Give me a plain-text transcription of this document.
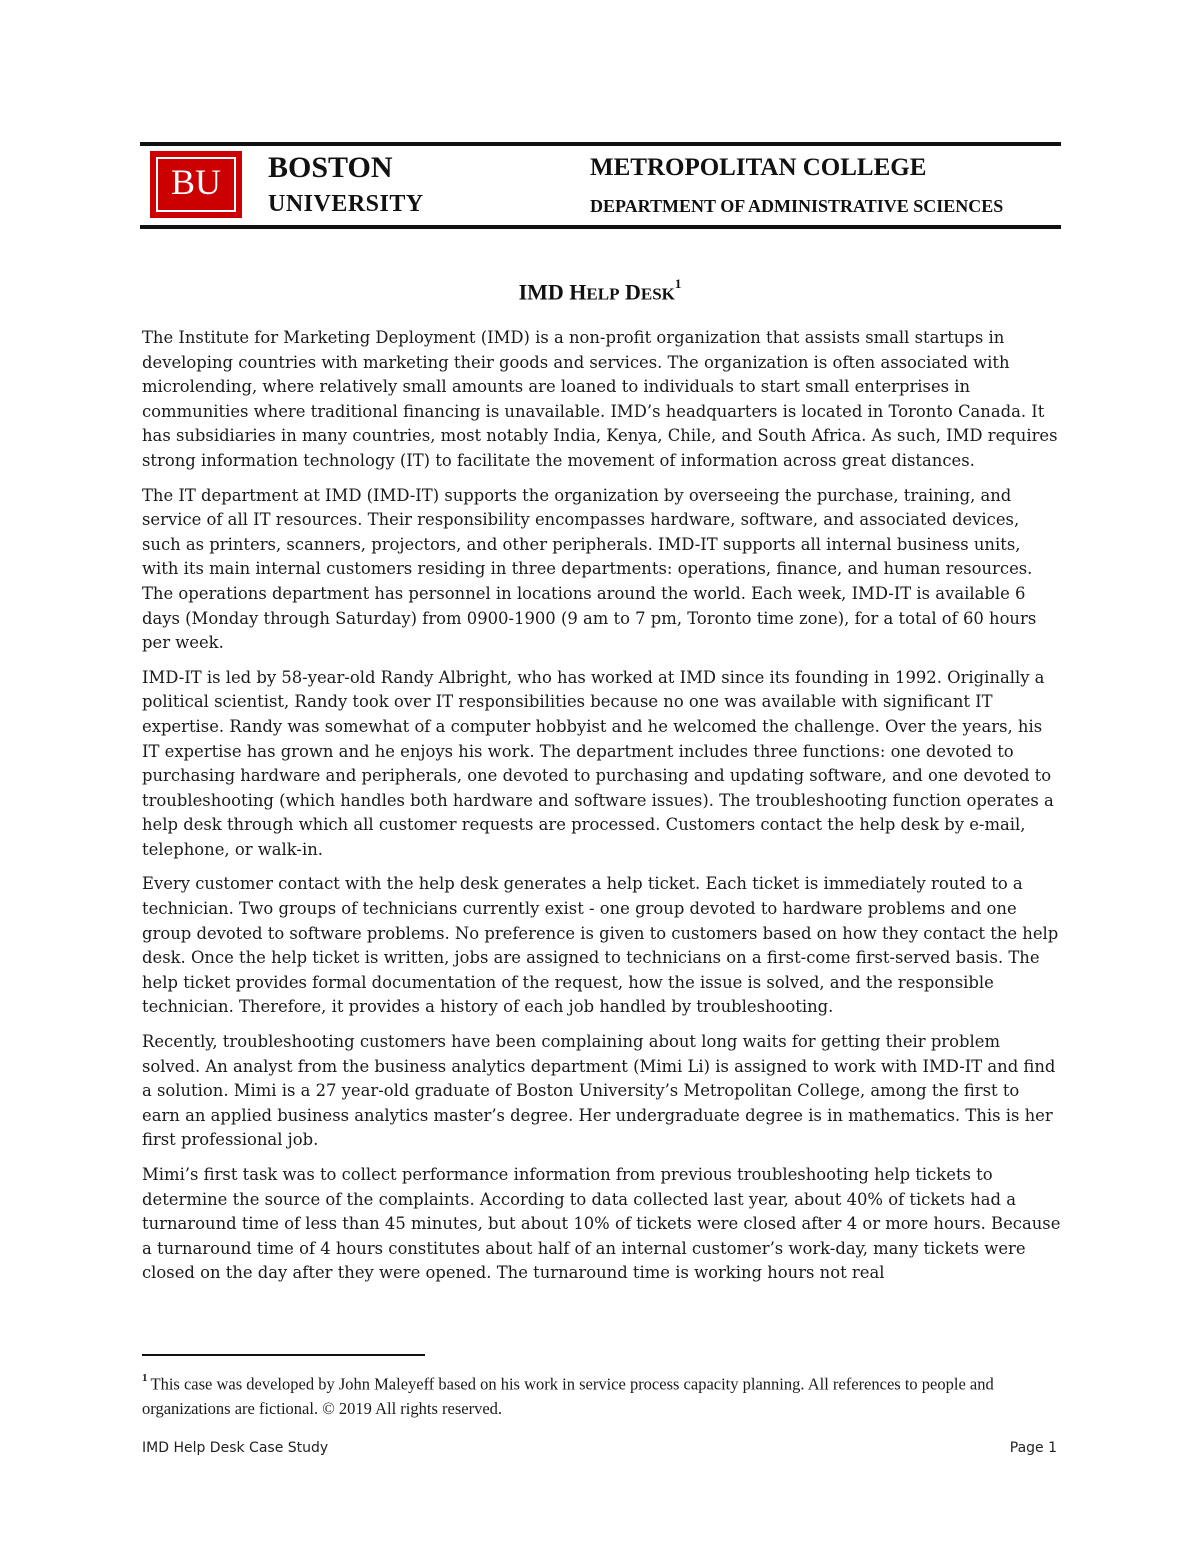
BU	BOSTON
UNIVERSITY
METROPOLITAN COLLEGE
DEPARTMENT OF ADMINISTRATIVE SCIENCES
IMD HELP DESK$^1$

The Institute for Marketing Deployment (IMD) is a non-profit organization that assists small startups in developing countries with marketing their goods and services. The organization is often associated with microlending, where relatively small amounts are loaned to individuals to start small enterprises in communities where traditional financing is unavailable. IMD’s headquarters is located in Toronto Canada. It has subsidiaries in many countries, most notably India, Kenya, Chile, and South Africa. As such, IMD requires strong information technology (IT) to facilitate the movement of information across great distances.

The IT department at IMD (IMD-IT) supports the organization by overseeing the purchase, training, and service of all IT resources. Their responsibility encompasses hardware, software, and associated devices, such as printers, scanners, projectors, and other peripherals. IMD-IT supports all internal business units, with its main internal customers residing in three departments: operations, finance, and human resources. The operations department has personnel in locations around the world. Each week, IMD-IT is available 6 days (Monday through Saturday) from 0900-1900 (9 am to 7 pm, Toronto time zone), for a total of 60 hours per week.

IMD-IT is led by 58-year-old Randy Albright, who has worked at IMD since its founding in 1992. Originally a political scientist, Randy took over IT responsibilities because no one was available with significant IT expertise. Randy was somewhat of a computer hobbyist and he welcomed the challenge. Over the years, his IT expertise has grown and he enjoys his work. The department includes three functions: one devoted to purchasing hardware and peripherals, one devoted to purchasing and updating software, and one devoted to troubleshooting (which handles both hardware and software issues). The troubleshooting function operates a help desk through which all customer requests are processed. Customers contact the help desk by e-mail, telephone, or walk-in.

Every customer contact with the help desk generates a help ticket. Each ticket is immediately routed to a technician. Two groups of technicians currently exist - one group devoted to hardware problems and one group devoted to software problems. No preference is given to customers based on how they contact the help desk. Once the help ticket is written, jobs are assigned to technicians on a first-come first-served basis. The help ticket provides formal documentation of the request, how the issue is solved, and the responsible technician. Therefore, it provides a history of each job handled by troubleshooting.

Recently, troubleshooting customers have been complaining about long waits for getting their problem solved. An analyst from the business analytics department (Mimi Li) is assigned to work with IMD-IT and find a solution. Mimi is a 27 year-old graduate of Boston University’s Metropolitan College, among the first to earn an applied business analytics master’s degree. Her undergraduate degree is in mathematics. This is her first professional job.

Mimi’s first task was to collect performance information from previous troubleshooting help tickets to determine the source of the complaints. According to data collected last year, about 40% of tickets had a turnaround time of less than 45 minutes, but about 10% of tickets were closed after 4 or more hours. Because a turnaround time of 4 hours constitutes about half of an internal customer’s work-day, many tickets were closed on the day after they were opened. The turnaround time is working hours not real

$^1$ This case was developed by John Maleyeff based on his work in service process capacity planning. All references to people and organizations are fictional. © 2019 All rights reserved.
IMD Help Desk Case Study	Page 1
